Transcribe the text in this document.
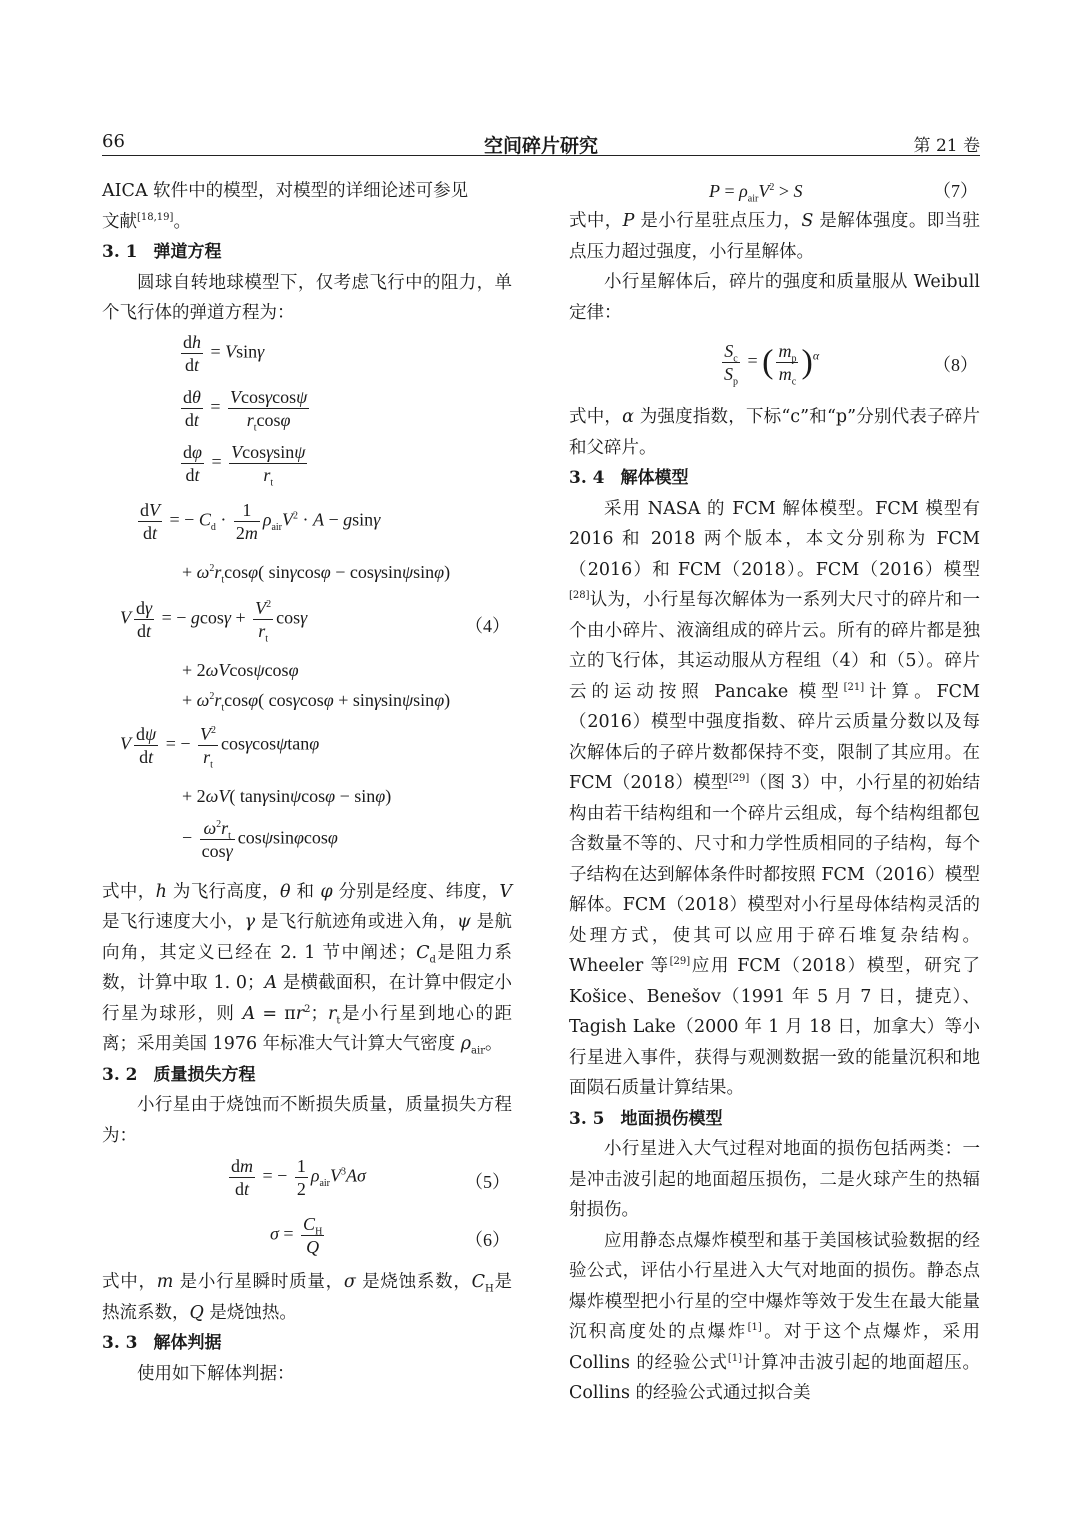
66	空间碎片研究	第 21 卷

AICA 软件中的模型，对模型的详细论述可参见
文献[18,19]。

3. 1 弹道方程

圆球自转地球模型下，仅考虑飞行中的阻力，单个飞行体的弹道方程为：

$\frac{dh}{dt} = Vsin\gamma$
$\frac{d\theta}{dt} = \frac{Vcos\gamma\cos\psi}{r_t\cos\varphi}$
$\frac{d\varphi}{dt} = \frac{Vcos\gamma\sin\psi}{r_t}$
$\frac{dV}{dt}$ = − $C_d \cdot \frac{1}{2m} \rho_{air}V^2 \cdot A - gsin\gamma$
+ $\omega^2r_t\cos\varphi$( sinγcosφ − cosγsinψsinφ)
V $\frac{d\gamma}{dt}$ = − $gcos\gamma + \frac{V^2}{r_t}$ cosγ	（4）
+ 2ωVcosψcosφ
+ $\omega^2r_t\cos\varphi$( cosγcosφ + sinγsinψsinφ)
V $\frac{d\psi}{dt}$ = − $\frac{V^2}{r_t}$ cosγcosψtanφ
+ 2ωV( tanγsinψcosφ − sinφ)
− $\frac{\omega^2r_t}{\cos\gamma}$ cosψsinφcosφ

式中，h 为飞行高度，θ 和 φ 分别是经度、纬度，V 是飞行速度大小，γ 是飞行航迹角或进入角，ψ 是航向角，其定义已经在 2. 1 节中阐述；$C_d$是阻力系数，计算中取 1. 0；A 是横截面积，在计算中假定小行星为球形，则 $A = \pi r^2$；$r_t$是小行星到地心的距离；采用美国 1976 年标准大气计算大气密度 $\rho_{air}$。

3. 2 质量损失方程

小行星由于烧蚀而不断损失质量，质量损失方程为：

$\frac{dm}{dt}$ = − $\frac{1}{2} \rho_{air}V^3A\sigma$	（5）
$\sigma = \frac{C_H}{Q}$	（6）

式中，m 是小行星瞬时质量，σ 是烧蚀系数，$C_H$是热流系数，Q 是烧蚀热。

3. 3 解体判据

使用如下解体判据：

$P = \rho_{air}V^2 > S$	（7）

式中，P 是小行星驻点压力，S 是解体强度。即当驻点压力超过强度，小行星解体。

小行星解体后，碎片的强度和质量服从 Weibull 定律：

$\frac{S_c}{S_p}$ = ( $\frac{m_p}{m_c} )^\alpha$	（8）

式中，α 为强度指数，下标“c”和“p”分别代表子碎片和父碎片。

3. 4 解体模型

采用 NASA 的 FCM 解体模型。FCM 模型有 2016 和 2018 两个版本，本文分别称为 FCM（2016）和 FCM（2018）。FCM（2016）模型[28]认为，小行星每次解体为一系列大尺寸的碎片和一个由小碎片、液滴组成的碎片云。所有的碎片都是独立的飞行体，其运动服从方程组（4）和（5）。碎片云的运动按照 Pancake 模型[21]计算。FCM（2016）模型中强度指数、碎片云质量分数以及每次解体后的子碎片数都保持不变，限制了其应用。在 FCM（2018）模型[29]（图 3）中，小行星的初始结构由若干结构组和一个碎片云组成，每个结构组都包含数量不等的、尺寸和力学性质相同的子结构，每个子结构在达到解体条件时都按照 FCM（2016）模型解体。FCM（2018）模型对小行星母体结构灵活的处理方式，使其可以应用于碎石堆复杂结构。Wheeler 等[29]应用 FCM（2018）模型，研究了 Košice、Benešov（1991 年 5 月 7 日，捷克）、Tagish Lake（2000 年 1 月 18 日，加拿大）等小行星进入事件，获得与观测数据一致的能量沉积和地面陨石质量计算结果。

3. 5 地面损伤模型

小行星进入大气过程对地面的损伤包括两类：一是冲击波引起的地面超压损伤，二是火球产生的热辐射损伤。

应用静态点爆炸模型和基于美国核试验数据的经验公式，评估小行星进入大气对地面的损伤。静态点爆炸模型把小行星的空中爆炸等效于发生在最大能量沉积高度处的点爆炸[1]。对于这个点爆炸，采用 Collins 的经验公式[1]计算冲击波引起的地面超压。Collins 的经验公式通过拟合美
